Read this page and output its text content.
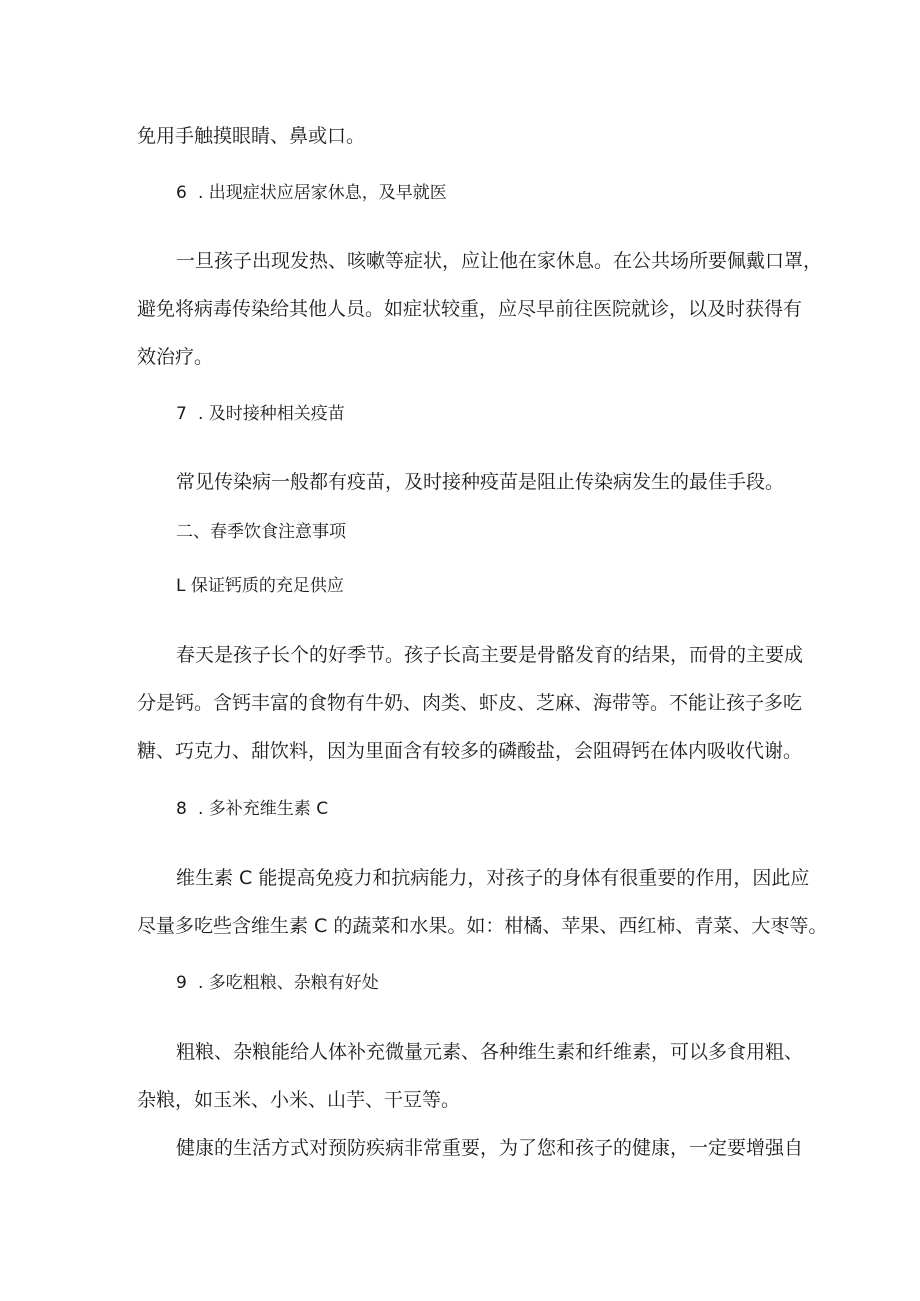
免用手触摸眼睛、鼻或口。
6 . 出现症状应居家休息，及早就医
一旦孩子出现发热、咳嗽等症状，应让他在家休息。在公共场所要佩戴口罩，
避免将病毒传染给其他人员。如症状较重，应尽早前往医院就诊，以及时获得有
效治疗。
7 . 及时接种相关疫苗
常见传染病一般都有疫苗，及时接种疫苗是阻止传染病发生的最佳手段。
二、春季饮食注意事项
L 保证钙质的充足供应
春天是孩子长个的好季节。孩子长高主要是骨骼发育的结果，而骨的主要成
分是钙。含钙丰富的食物有牛奶、肉类、虾皮、芝麻、海带等。不能让孩子多吃
糖、巧克力、甜饮料，因为里面含有较多的磷酸盐，会阻碍钙在体内吸收代谢。
8 . 多补充维生素 C
维生素 C 能提高免疫力和抗病能力，对孩子的身体有很重要的作用，因此应
尽量多吃些含维生素 C 的蔬菜和水果。如：柑橘、苹果、西红柿、青菜、大枣等。
9 . 多吃粗粮、杂粮有好处
粗粮、杂粮能给人体补充微量元素、各种维生素和纤维素，可以多食用粗、
杂粮，如玉米、小米、山芋、干豆等。
健康的生活方式对预防疾病非常重要，为了您和孩子的健康，一定要增强自
